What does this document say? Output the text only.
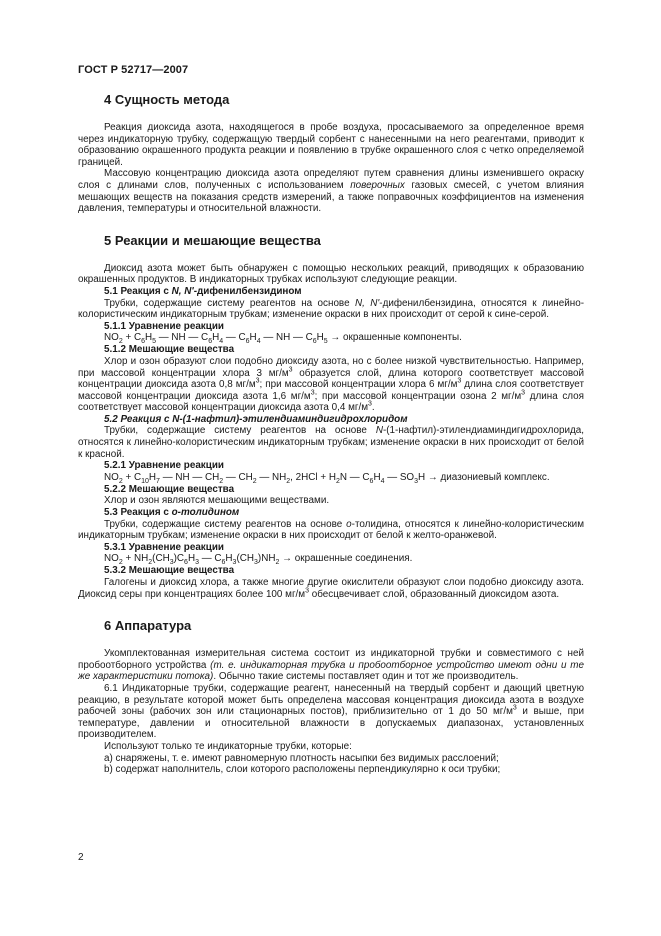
ГОСТ Р 52717—2007
4 Сущность метода

Реакция диоксида азота, находящегося в пробе воздуха, просасываемого за определенное время через индикаторную трубку, содержащую твердый сорбент с нанесенными на него реагентами, приводит к образованию окрашенного продукта реакции и появлению в трубке окрашенного слоя с четко определяемой границей.

Массовую концентрацию диоксида азота определяют путем сравнения длины изменившего окраску слоя с длинами слов, полученных с использованием поверочных газовых смесей, с учетом влияния мешающих веществ на показания средств измерений, а также поправочных коэффициентов на изменения давления, температуры и относительной влажности.

5 Реакции и мешающие вещества

Диоксид азота может быть обнаружен с помощью нескольких реакций, приводящих к образованию окрашенных продуктов. В индикаторных трубках используют следующие реакции.

5.1 Реакция с N, N'-дифенилбензидином

Трубки, содержащие систему реагентов на основе N, N'-дифенилбензидина, относятся к линейно-колористическим индикаторным трубкам; изменение окраски в них происходит от серой к сине-серой.

5.1.1 Уравнение реакции

$NO_2 + C_6H_5$ — NH — $C_6H_4$ — $C_6H_4$ — NH — $C_6H_5$ → окрашенные компоненты.

5.1.2 Мешающие вещества

Хлор и озон образуют слои подобно диоксиду азота, но с более низкой чувствительностью. Например, при массовой концентрации хлора 3 $мг/м^3$ образуется слой, длина которого соответствует массовой концентрации диоксида азота 0,8 $мг/м^3$; при массовой концентрации хлора 6 $мг/м^3$ длина слоя соответствует массовой концентрации диоксида азота 1,6 $мг/м^3$; при массовой концентрации озона 2 $мг/м^3$ длина слоя соответствует массовой концентрации диоксида азота 0,4 $мг/м^3$.

5.2 Реакция с N-(1-нафтил)-этилендиаминдигидрохлоридом

Трубки, содержащие систему реагентов на основе N-(1-нафтил)-этилендиаминдигидрохлорида, относятся к линейно-колористическим индикаторным трубкам; изменение окраски в них происходит от белой к красной.

5.2.1 Уравнение реакции

$NO_2 + C_{10}H_7$ — NH — $CH_2$ — $CH_2$ — $NH_2$, $2HCl + H_2N$ — $C_6H_4$ — $SO_3H$ → диазониевый комплекс.

5.2.2 Мешающие вещества

Хлор и озон являются мешающими веществами.

5.3 Реакция с о-толидином

Трубки, содержащие систему реагентов на основе о-толидина, относятся к линейно-колористическим индикаторным трубкам; изменение окраски в них происходит от белой к желто-оранжевой.

5.3.1 Уравнение реакции

$NO_2 + NH_2(CH_3)C_6H_3$ — $C_6H_3(CH_3)NH_2$ → окрашенные соединения.

5.3.2 Мешающие вещества

Галогены и диоксид хлора, а также многие другие окислители образуют слои подобно диоксиду азота. Диоксид серы при концентрациях более 100 $мг/м^3$ обесцвечивает слой, образованный диоксидом азота.

6 Аппаратура

Укомплектованная измерительная система состоит из индикаторной трубки и совместимого с ней пробоотборного устройства (т. е. индикаторная трубка и пробоотборное устройство имеют одни и те же характеристики потока). Обычно такие системы поставляет один и тот же производитель.

6.1 Индикаторные трубки, содержащие реагент, нанесенный на твердый сорбент и дающий цветную реакцию, в результате которой может быть определена массовая концентрация диоксида азота в воздухе рабочей зоны (рабочих зон или стационарных постов), приблизительно от 1 до 50 $мг/м^3$ и выше, при температуре, давлении и относительной влажности в допускаемых диапазонах, установленных производителем.

Используют только те индикаторные трубки, которые:

а) снаряжены, т. е. имеют равномерную плотность насыпки без видимых расслоений;

b) содержат наполнитель, слои которого расположены перпендикулярно к оси трубки;

2
